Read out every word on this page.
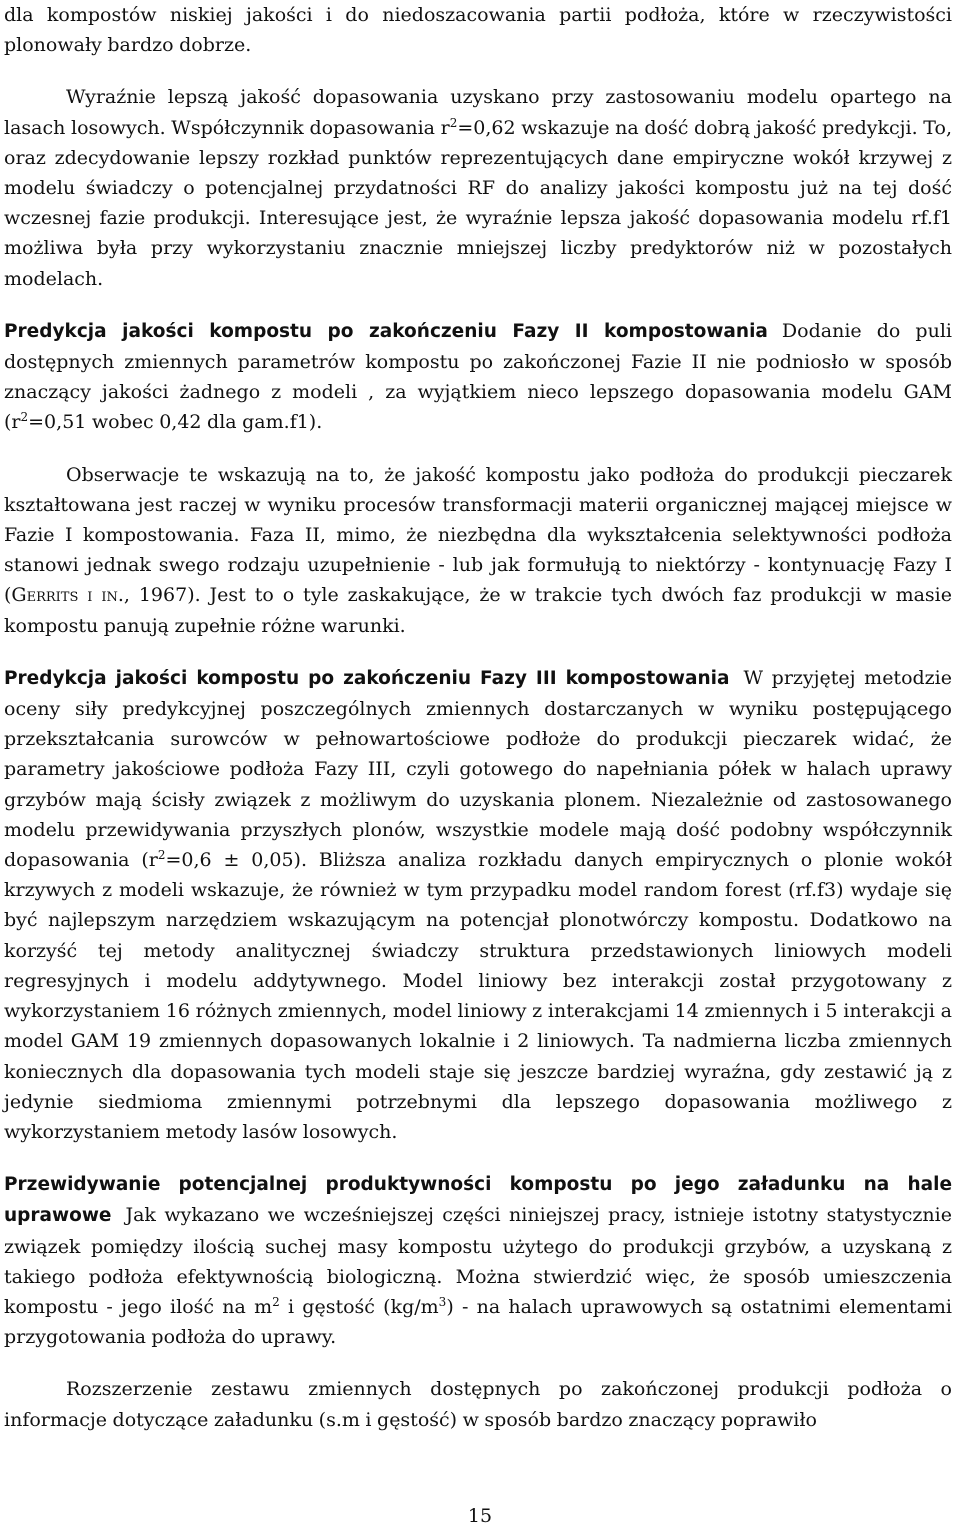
dla kompostów niskiej jakości i do niedoszacowania partii podłoża, które w rzeczywistości plonowały bardzo dobrze.

Wyraźnie lepszą jakość dopasowania uzyskano przy zastosowaniu modelu opartego na lasach losowych. Współczynnik dopasowania $r^2=0,62$ wskazuje na dość dobrą jakość predykcji. To, oraz zdecydowanie lepszy rozkład punktów reprezentujących dane empiryczne wokół krzywej z modelu świadczy o potencjalnej przydatności RF do analizy jakości kompostu już na tej dość wczesnej fazie produkcji. Interesujące jest, że wyraźnie lepsza jakość dopasowania modelu rf.f1 możliwa była przy wykorzystaniu znacznie mniejszej liczby predyktorów niż w pozostałych modelach.

Predykcja jakości kompostu po zakończeniu Fazy II kompostowania Dodanie do puli dostępnych zmiennych parametrów kompostu po zakończonej Fazie II nie podniosło w sposób znaczący jakości żadnego z modeli , za wyjątkiem nieco lepszego dopasowania modelu GAM ($r^2=0,51$ wobec 0,42 dla gam.f1).

Obserwacje te wskazują na to, że jakość kompostu jako podłoża do produkcji pieczarek kształtowana jest raczej w wyniku procesów transformacji materii organicznej mającej miejsce w Fazie I kompostowania. Faza II, mimo, że niezbędna dla wykształcenia selektywności podłoża stanowi jednak swego rodzaju uzupełnienie - lub jak formułują to niektórzy - kontynuację Fazy I (Gerrits i in., 1967). Jest to o tyle zaskakujące, że w trakcie tych dwóch faz produkcji w masie kompostu panują zupełnie różne warunki.

Predykcja jakości kompostu po zakończeniu Fazy III kompostowania W przyjętej metodzie oceny siły predykcyjnej poszczególnych zmiennych dostarczanych w wyniku postępującego przekształcania surowców w pełnowartościowe podłoże do produkcji pieczarek widać, że parametry jakościowe podłoża Fazy III, czyli gotowego do napełniania półek w halach uprawy grzybów mają ścisły związek z możliwym do uzyskania plonem. Niezależnie od zastosowanego modelu przewidywania przyszłych plonów, wszystkie modele mają dość podobny współczynnik dopasowania $(r^2=0,6 \pm 0,05)$. Bliższa analiza rozkładu danych empirycznych o plonie wokół krzywych z modeli wskazuje, że również w tym przypadku model random forest (rf.f3) wydaje się być najlepszym narzędziem wskazującym na potencjał plonotwórczy kompostu. Dodatkowo na korzyść tej metody analitycznej świadczy struktura przedstawionych liniowych modeli regresyjnych i modelu addytywnego. Model liniowy bez interakcji został przygotowany z wykorzystaniem 16 różnych zmiennych, model liniowy z interakcjami 14 zmiennych i 5 interakcji a model GAM 19 zmiennych dopasowanych lokalnie i 2 liniowych. Ta nadmierna liczba zmiennych koniecznych dla dopasowania tych modeli staje się jeszcze bardziej wyraźna, gdy zestawić ją z jedynie siedmioma zmiennymi potrzebnymi dla lepszego dopasowania możliwego z wykorzystaniem metody lasów losowych.

Przewidywanie potencjalnej produktywności kompostu po jego załadunku na hale uprawowe Jak wykazano we wcześniejszej części niniejszej pracy, istnieje istotny statystycznie związek pomiędzy ilością suchej masy kompostu użytego do produkcji grzybów, a uzyskaną z takiego podłoża efektywnością biologiczną. Można stwierdzić więc, że sposób umieszczenia kompostu - jego ilość na $m^2$ i gęstość $(kg/m^3)$ - na halach uprawowych są ostatnimi elementami przygotowania podłoża do uprawy.

Rozszerzenie zestawu zmiennych dostępnych po zakończonej produkcji podłoża o informacje dotyczące załadunku (s.m i gęstość) w sposób bardzo znaczący poprawiło

15
